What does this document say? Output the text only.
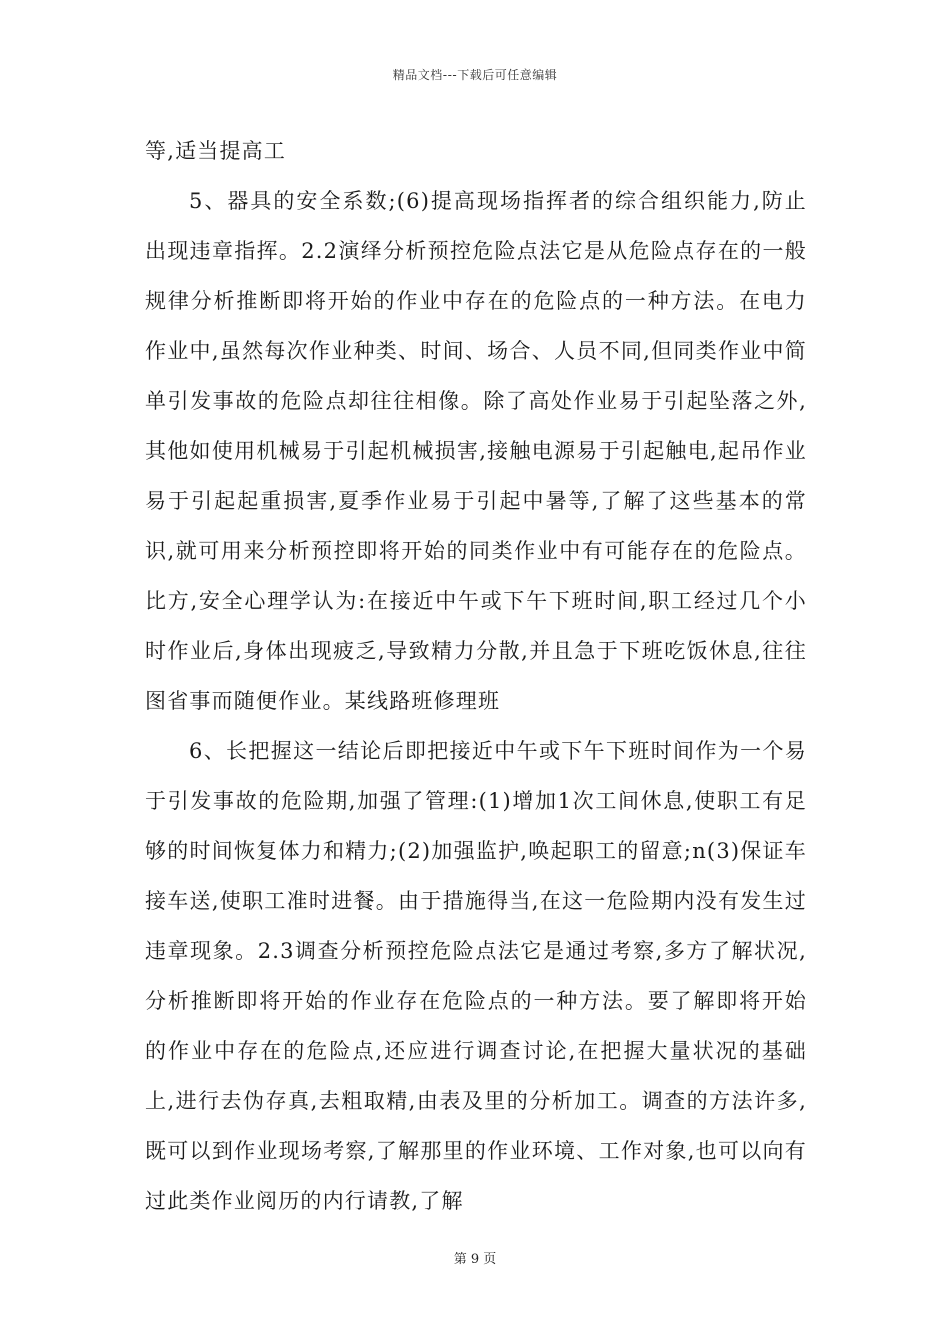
精品文档---下载后可任意编辑

等,适当提高工

5、器具的安全系数;(6)提高现场指挥者的综合组织能力,防止出现违章指挥。2.2演绎分析预控危险点法它是从危险点存在的一般规律分析推断即将开始的作业中存在的危险点的一种方法。在电力作业中,虽然每次作业种类、时间、场合、人员不同,但同类作业中简单引发事故的危险点却往往相像。除了高处作业易于引起坠落之外,其他如使用机械易于引起机械损害,接触电源易于引起触电,起吊作业易于引起起重损害,夏季作业易于引起中暑等,了解了这些基本的常识,就可用来分析预控即将开始的同类作业中有可能存在的危险点。比方,安全心理学认为:在接近中午或下午下班时间,职工经过几个小时作业后,身体出现疲乏,导致精力分散,并且急于下班吃饭休息,往往图省事而随便作业。某线路班修理班

6、长把握这一结论后即把接近中午或下午下班时间作为一个易于引发事故的危险期,加强了管理:(1)增加1次工间休息,使职工有足够的时间恢复体力和精力;(2)加强监护,唤起职工的留意;n(3)保证车接车送,使职工准时进餐。由于措施得当,在这一危险期内没有发生过违章现象。2.3调查分析预控危险点法它是通过考察,多方了解状况,分析推断即将开始的作业存在危险点的一种方法。要了解即将开始的作业中存在的危险点,还应进行调查讨论,在把握大量状况的基础上,进行去伪存真,去粗取精,由表及里的分析加工。调查的方法许多,既可以到作业现场考察,了解那里的作业环境、工作对象,也可以向有过此类作业阅历的内行请教,了解

第 9 页
